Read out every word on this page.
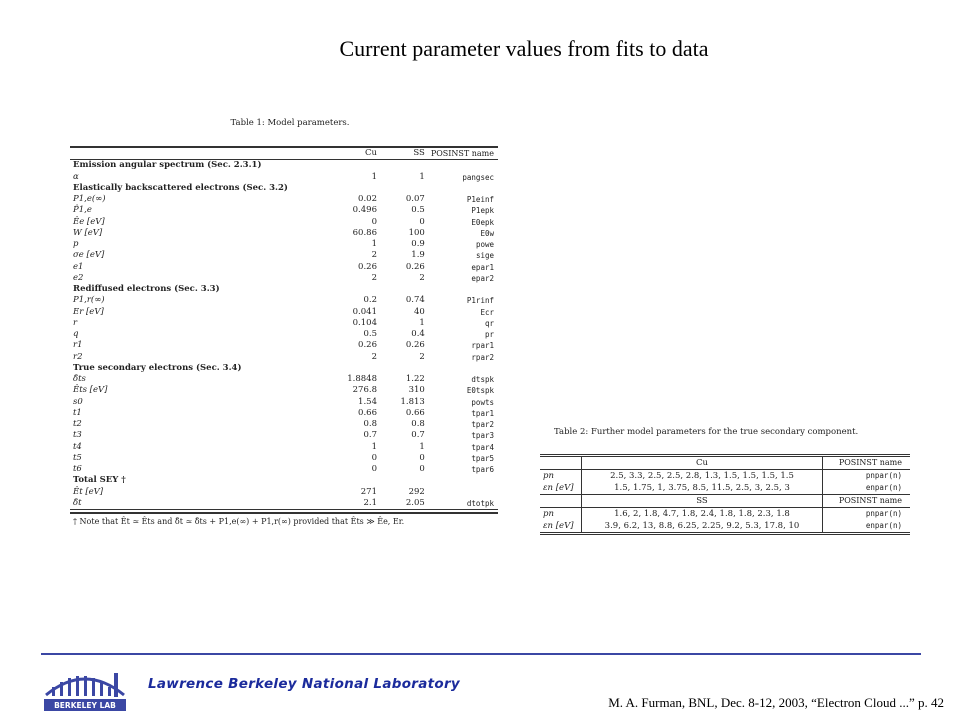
Current parameter values from fits to data
Table 1: Model parameters.
	Cu	SS	POSINST name
Emission angular spectrum (Sec. 2.3.1)			
α	1	1	pangsec
Elastically backscattered electrons (Sec. 3.2)			
P1,e(∞)	0.02	0.07	P1einf
P̂1,e	0.496	0.5	P1epk
Êe [eV]	0	0	E0epk
W [eV]	60.86	100	E0w
p	1	0.9	powe
σe [eV]	2	1.9	sige
e1	0.26	0.26	epar1
e2	2	2	epar2
Rediffused electrons (Sec. 3.3)			
P1,r(∞)	0.2	0.74	P1rinf
Er [eV]	0.041	40	Ecr
r	0.104	1	qr
q	0.5	0.4	pr
r1	0.26	0.26	rpar1
r2	2	2	rpar2
True secondary electrons (Sec. 3.4)			
δ̂ts	1.8848	1.22	dtspk
Êts [eV]	276.8	310	E0tspk
s0	1.54	1.813	powts
t1	0.66	0.66	tpar1
t2	0.8	0.8	tpar2
t3	0.7	0.7	tpar3
t4	1	1	tpar4
t5	0	0	tpar5
t6	0	0	tpar6
Total SEY †			
Êt [eV]	271	292	
δ̂t	2.1	2.05	dtotpk
† Note that Êt ≃ Êts and δ̂t ≃ δ̂ts + P1,e(∞) + P1,r(∞) provided that Êts ≫ Êe, Er.
Table 2: Further model parameters for the true secondary component.
	Cu	POSINST name
pn	2.5, 3.3, 2.5, 2.5, 2.8, 1.3, 1.5, 1.5, 1.5, 1.5	pnpar(n)
εn [eV]	1.5, 1.75, 1, 3.75, 8.5, 11.5, 2.5, 3, 2.5, 3	enpar(n)
	SS	POSINST name
pn	1.6, 2, 1.8, 4.7, 1.8, 2.4, 1.8, 1.8, 2.3, 1.8	pnpar(n)
εn [eV]	3.9, 6.2, 13, 8.8, 6.25, 2.25, 9.2, 5.3, 17.8, 10	enpar(n)
BERKELEY LAB
Lawrence Berkeley National Laboratory
M. A. Furman, BNL, Dec. 8-12, 2003, “Electron Cloud ...” p. 42
